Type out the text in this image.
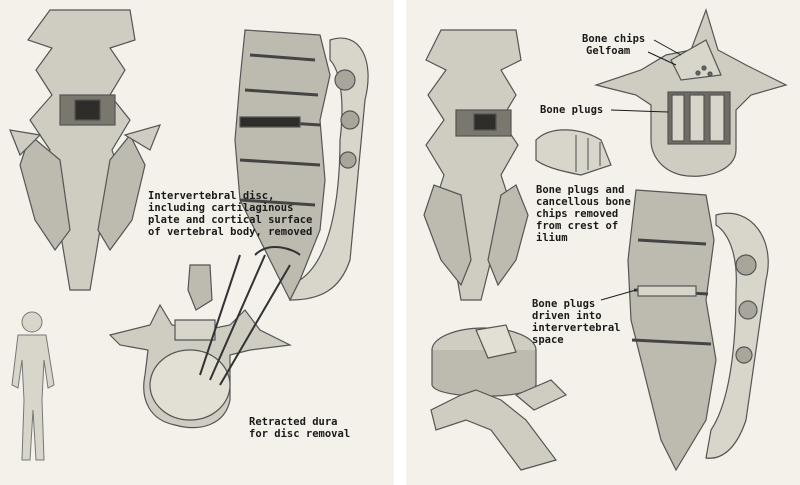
Intervertebral disc,
including cartilaginous
plate and cortical surface
of vertebral body, removed
Retracted dura
for disc removal
Bone chips
Gelfoam
Bone plugs
Bone plugs and
cancellous bone
chips removed
from crest of
ilium
Bone plugs
driven into
intervertebral
space
